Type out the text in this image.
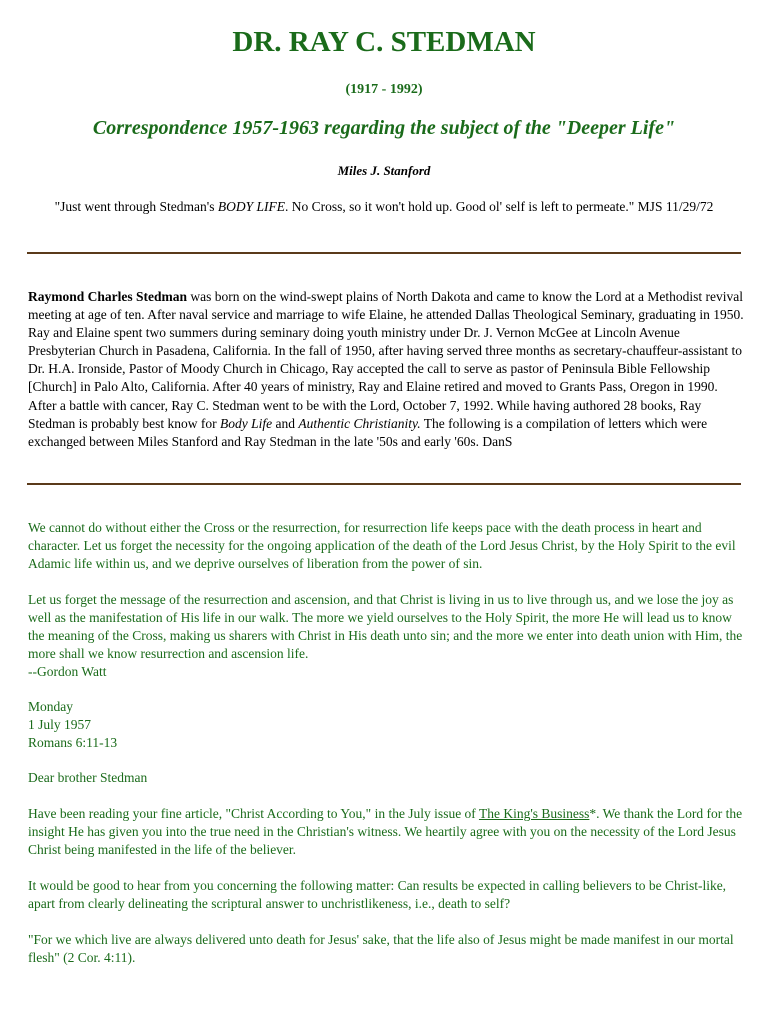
DR. RAY C. STEDMAN
(1917 - 1992)
Correspondence 1957-1963 regarding the subject of the "Deeper Life"
Miles J. Stanford
"Just went through Stedman's BODY LIFE. No Cross, so it won't hold up. Good ol' self is left to permeate." MJS 11/29/72
Raymond Charles Stedman was born on the wind-swept plains of North Dakota and came to know the Lord at a Methodist revival meeting at age of ten. After naval service and marriage to wife Elaine, he attended Dallas Theological Seminary, graduating in 1950. Ray and Elaine spent two summers during seminary doing youth ministry under Dr. J. Vernon McGee at Lincoln Avenue Presbyterian Church in Pasadena, California. In the fall of 1950, after having served three months as secretary-chauffeur-assistant to Dr. H.A. Ironside, Pastor of Moody Church in Chicago, Ray accepted the call to serve as pastor of Peninsula Bible Fellowship [Church] in Palo Alto, California. After 40 years of ministry, Ray and Elaine retired and moved to Grants Pass, Oregon in 1990. After a battle with cancer, Ray C. Stedman went to be with the Lord, October 7, 1992. While having authored 28 books, Ray Stedman is probably best know for Body Life and Authentic Christianity. The following is a compilation of letters which were exchanged between Miles Stanford and Ray Stedman in the late '50s and early '60s. DanS
We cannot do without either the Cross or the resurrection, for resurrection life keeps pace with the death process in heart and character. Let us forget the necessity for the ongoing application of the death of the Lord Jesus Christ, by the Holy Spirit to the evil Adamic life within us, and we deprive ourselves of liberation from the power of sin.
Let us forget the message of the resurrection and ascension, and that Christ is living in us to live through us, and we lose the joy as well as the manifestation of His life in our walk. The more we yield ourselves to the Holy Spirit, the more He will lead us to know the meaning of the Cross, making us sharers with Christ in His death unto sin; and the more we enter into death union with Him, the more shall we know resurrection and ascension life.
--Gordon Watt
Monday
1 July 1957
Romans 6:11-13
Dear brother Stedman
Have been reading your fine article, "Christ According to You," in the July issue of The King's Business*. We thank the Lord for the insight He has given you into the true need in the Christian's witness. We heartily agree with you on the necessity of the Lord Jesus Christ being manifested in the life of the believer.
It would be good to hear from you concerning the following matter: Can results be expected in calling believers to be Christ-like, apart from clearly delineating the scriptural answer to unchristlikeness, i.e., death to self?
"For we which live are always delivered unto death for Jesus' sake, that the life also of Jesus might be made manifest in our mortal flesh" (2 Cor. 4:11).
